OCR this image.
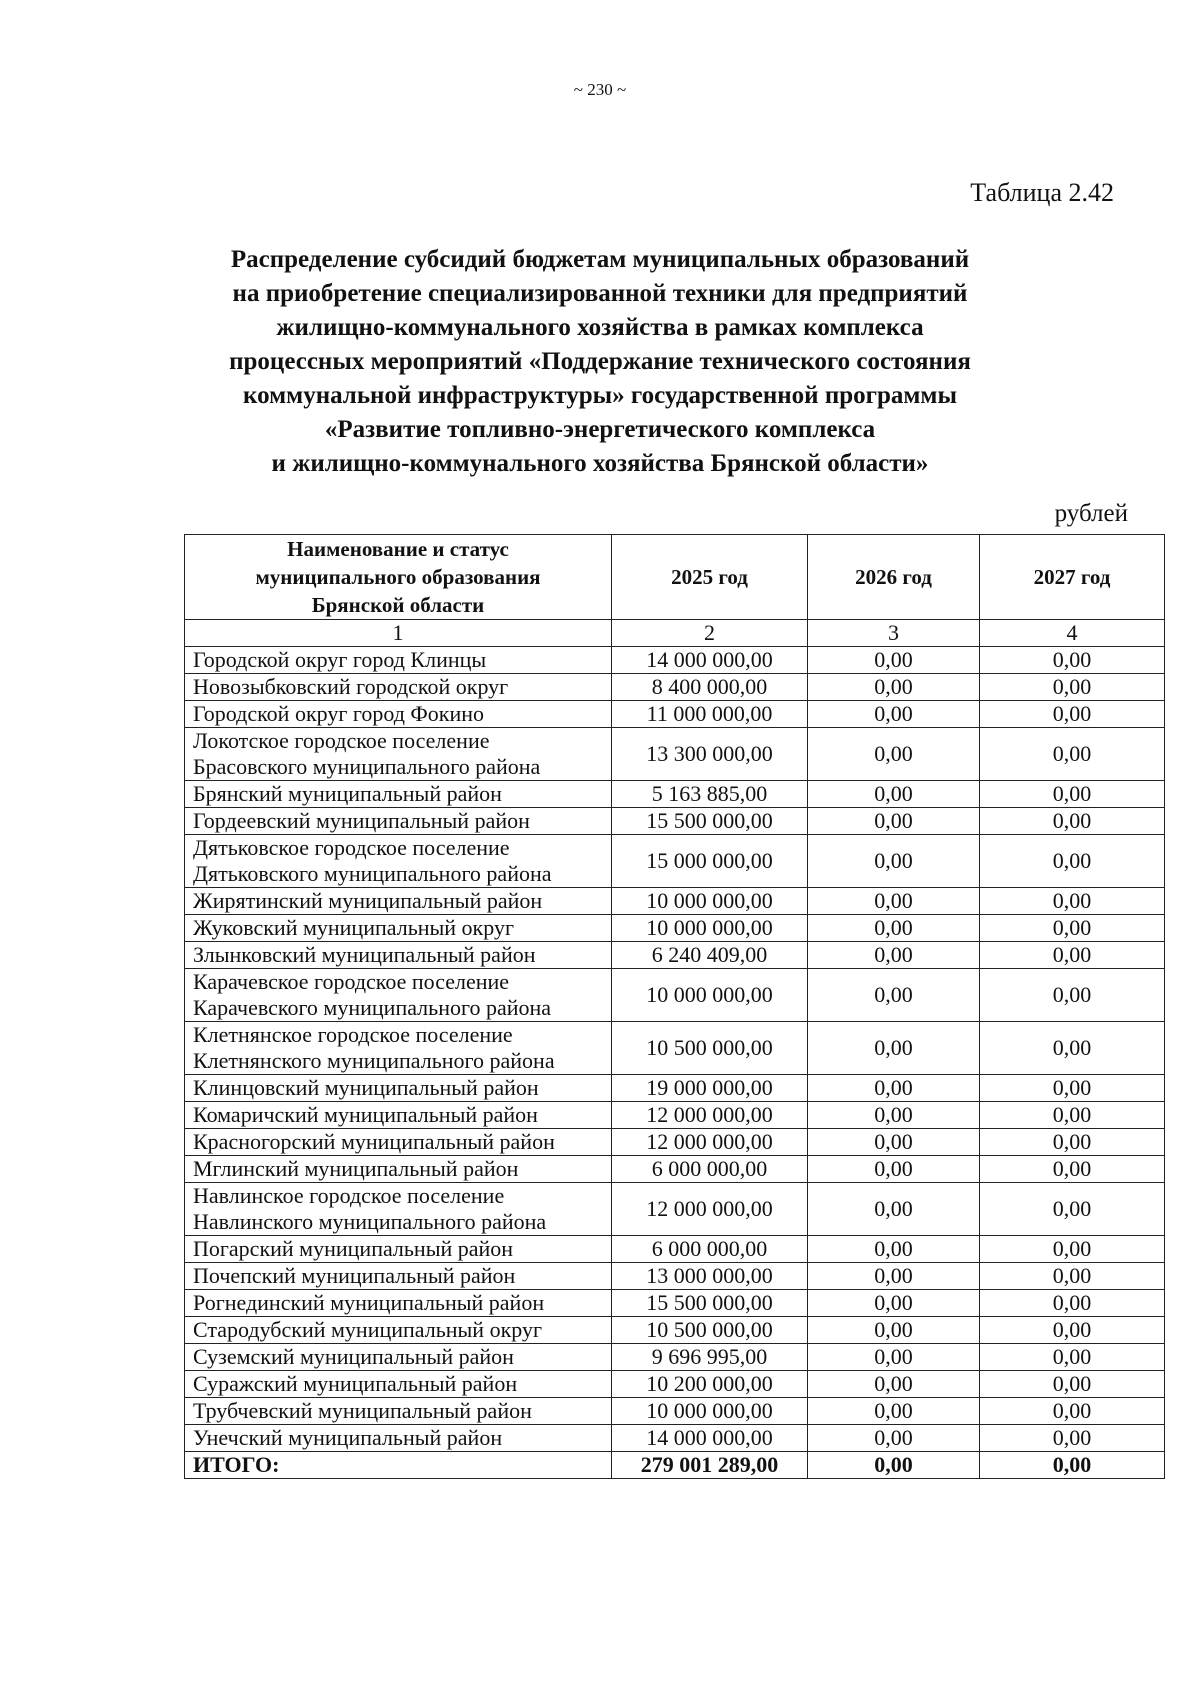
~ 230 ~
Таблица 2.42
Распределение субсидий бюджетам муниципальных образований
на приобретение специализированной техники для предприятий
жилищно-коммунального хозяйства в рамках комплекса
процессных мероприятий «Поддержание технического состояния
коммунальной инфраструктуры» государственной программы
«Развитие топливно-энергетического комплекса
и жилищно-коммунального хозяйства Брянской области»
рублей
Наименование и статус
муниципального образования
Брянской области	2025 год	2026 год	2027 год
1	2	3	4

Городской округ город Клинцы	14 000 000,00	0,00	0,00

Новозыбковский городской округ	8 400 000,00	0,00	0,00

Городской округ город Фокино	11 000 000,00	0,00	0,00

Локотское городское поселение
Брасовского муниципального района	13 300 000,00	0,00	0,00

Брянский муниципальный район	5 163 885,00	0,00	0,00

Гордеевский муниципальный район	15 500 000,00	0,00	0,00

Дятьковское городское поселение
Дятьковского муниципального района	15 000 000,00	0,00	0,00

Жирятинский муниципальный район	10 000 000,00	0,00	0,00

Жуковский муниципальный округ	10 000 000,00	0,00	0,00

Злынковский муниципальный район	6 240 409,00	0,00	0,00

Карачевское городское поселение
Карачевского муниципального района	10 000 000,00	0,00	0,00

Клетнянское городское поселение
Клетнянского муниципального района	10 500 000,00	0,00	0,00

Клинцовский муниципальный район	19 000 000,00	0,00	0,00

Комаричский муниципальный район	12 000 000,00	0,00	0,00

Красногорский муниципальный район	12 000 000,00	0,00	0,00

Мглинский муниципальный район	6 000 000,00	0,00	0,00

Навлинское городское поселение
Навлинского муниципального района	12 000 000,00	0,00	0,00

Погарский муниципальный район	6 000 000,00	0,00	0,00

Почепский муниципальный район	13 000 000,00	0,00	0,00

Рогнединский муниципальный район	15 500 000,00	0,00	0,00

Стародубский муниципальный округ	10 500 000,00	0,00	0,00

Суземский муниципальный район	9 696 995,00	0,00	0,00

Суражский муниципальный район	10 200 000,00	0,00	0,00

Трубчевский муниципальный район	10 000 000,00	0,00	0,00

Унечский муниципальный район	14 000 000,00	0,00	0,00
ИТОГО:	279 001 289,00	0,00	0,00
